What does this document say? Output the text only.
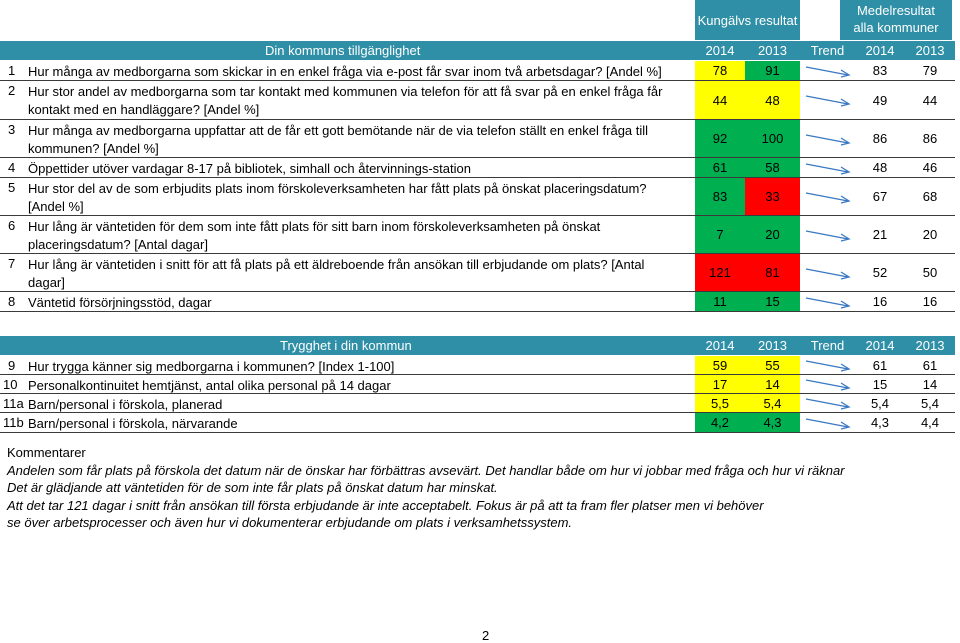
Kungälvs resultat
Medelresultat
alla kommuner
Din kommuns tillgänglighet	2014	2013	Trend	2014	2013
1 Hur många av medborgarna som skickar in en enkel fråga via e-post får svar inom två arbetsdagar? [Andel %]	78	91	83	79
2 Hur stor andel av medborgarna som tar kontakt med kommunen via telefon för att få svar på en enkel fråga får
kontakt med en handläggare? [Andel %]
44	48	49	44
3 Hur många av medborgarna uppfattar att de får ett gott bemötande när de via telefon ställt en enkel fråga till
kommunen? [Andel %]
92	100	86	86
4 Öppettider utöver vardagar 8-17 på bibliotek, simhall och återvinnings-station	61	58	48	46
5 Hur stor del av de som erbjudits plats inom förskoleverksamheten har fått plats på önskat placeringsdatum?
[Andel %]
83	33	67	68
6 Hur lång är väntetiden för dem som inte fått plats för sitt barn inom förskoleverksamheten på önskat
placeringsdatum? [Antal dagar]
7	20	21	20
7 Hur lång är väntetiden i snitt för att få plats på ett äldreboende från ansökan till erbjudande om plats? [Antal
dagar]
121	81	52	50
8 Väntetid försörjningsstöd, dagar	11	15	16	16
Trygghet i din kommun	2014	2013	Trend	2014	2013
9 Hur trygga känner sig medborgarna i kommunen? [Index 1-100]	59	55	61	61
10 Personalkontinuitet hemtjänst, antal olika personal på 14 dagar	17	14	15	14
11a Barn/personal i förskola, planerad	5,5	5,4	5,4	5,4
11b Barn/personal i förskola, närvarande	4,2	4,3	4,3	4,4
Kommentarer
Andelen som får plats på förskola det datum när de önskar har förbättras avsevärt. Det handlar både om hur vi jobbar med fråga och hur vi räknar
Det är glädjande att väntetiden för de som inte får plats på önskat datum har minskat.
Att det tar 121 dagar i snitt från ansökan till första erbjudande är inte acceptabelt. Fokus är på att ta fram fler platser men vi behöver
se över arbetsprocesser och även hur vi dokumenterar erbjudande om plats i verksamhetssystem.
2
